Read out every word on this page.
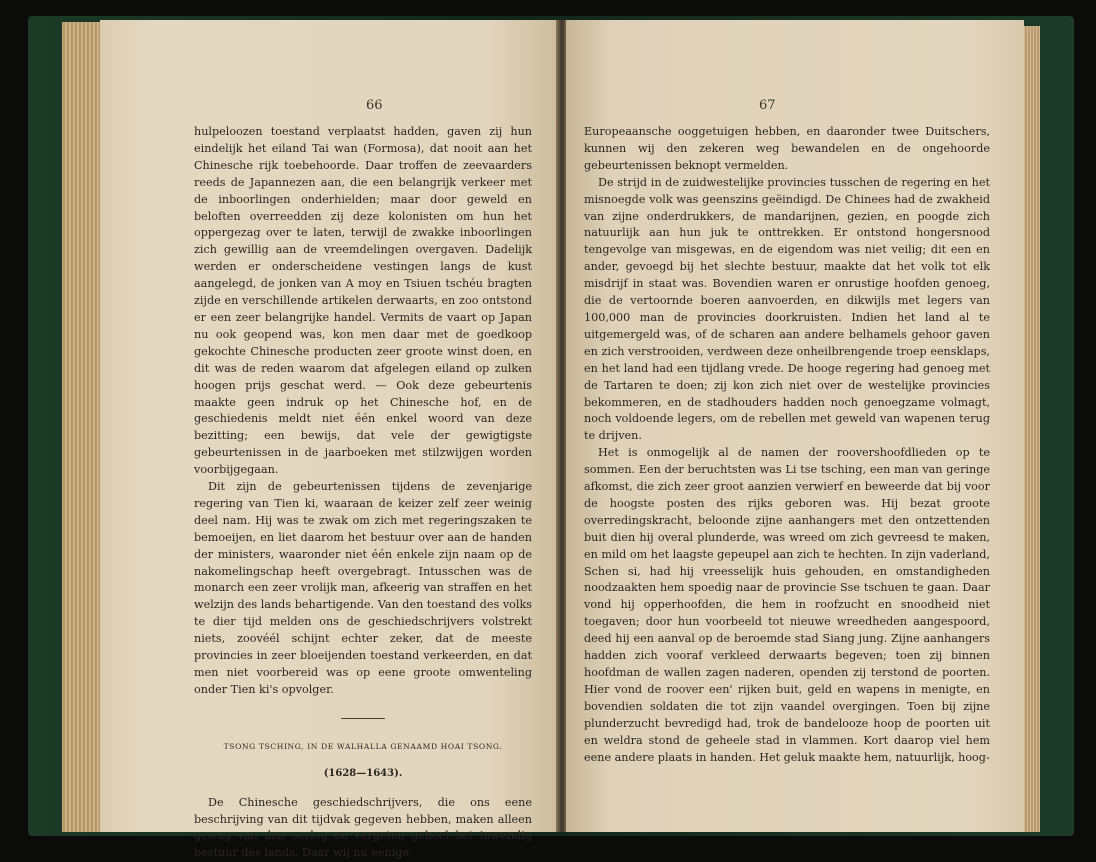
66

hulpeloozen toestand verplaatst hadden, gaven zij hun eindelijk het eiland Tai wan (Formosa), dat nooit aan het Chinesche rijk toebehoorde. Daar troffen de zeevaarders reeds de Japannezen aan, die een belangrijk verkeer met de inboorlingen onderhielden; maar door geweld en beloften overreedden zij deze kolonisten om hun het oppergezag over te laten, terwijl de zwakke inboorlingen zich gewillig aan de vreemdelingen overgaven. Dadelijk werden er onderscheidene vestingen langs de kust aangelegd, de jonken van A moy en Tsiuen tschéu bragten zijde en verschillende artikelen derwaarts, en zoo ontstond er een zeer belangrijke handel. Vermits de vaart op Japan nu ook geopend was, kon men daar met de goedkoop gekochte Chinesche producten zeer groote winst doen, en dit was de reden waarom dat afgelegen eiland op zulken hoogen prijs geschat werd. — Ook deze gebeurtenis maakte geen indruk op het Chinesche hof, en de geschiedenis meldt niet één enkel woord van deze bezitting; een bewijs, dat vele der gewigtigste gebeurtenissen in de jaarboeken met stilzwijgen worden voorbijgegaan.

Dit zijn de gebeurtenissen tijdens de zevenjarige regering van Tien ki, waaraan de keizer zelf zeer weinig deel nam. Hij was te zwak om zich met regeringszaken te bemoeijen, en liet daarom het bestuur over aan de handen der ministers, waaronder niet één enkele zijn naam op de nakomelingschap heeft overgebragt. Intusschen was de monarch een zeer vrolijk man, afkeerig van straffen en het welzijn des lands behartigende. Van den toestand des volks te dier tijd melden ons de geschiedschrijvers volstrekt niets, zoovéél schijnt echter zeker, dat de meeste provincies in zeer bloeijenden toestand verkeerden, en dat men niet voorbereid was op eene groote omwenteling onder Tien ki's opvolger.

TSONG TSCHING, IN DE WALHALLA GENAAMD HOAI TSONG.
(1628—1643).

De Chinesche geschiedschrijvers, die ons eene beschrijving van dit tijdvak gegeven hebben, maken alleen gewag van den oorlog en vergeten geheel het inwendig bestuur des lands. Daar wij nu eenige

67

Europeaansche ooggetuigen hebben, en daaronder twee Duitschers, kunnen wij den zekeren weg bewandelen en de ongehoorde gebeurtenissen beknopt vermelden.

De strijd in de zuidwestelijke provincies tusschen de regering en het misnoegde volk was geenszins geëindigd. De Chinees had de zwakheid van zijne onderdrukkers, de mandarijnen, gezien, en poogde zich natuurlijk aan hun juk te onttrekken. Er ontstond hongersnood tengevolge van misgewas, en de eigendom was niet veilig; dit een en ander, gevoegd bij het slechte bestuur, maakte dat het volk tot elk misdrijf in staat was. Bovendien waren er onrustige hoofden genoeg, die de vertoornde boeren aanvoerden, en dikwijls met legers van 100,000 man de provincies doorkruisten. Indien het land al te uitgemergeld was, of de scharen aan andere belhamels gehoor gaven en zich verstrooiden, verdween deze onheilbrengende troep eensklaps, en het land had een tijdlang vrede. De hooge regering had genoeg met de Tartaren te doen; zij kon zich niet over de westelijke provincies bekommeren, en de stadhouders hadden noch genoegzame volmagt, noch voldoende legers, om de rebellen met geweld van wapenen terug te drijven.

Het is onmogelijk al de namen der roovershoofdlieden op te sommen. Een der beruchtsten was Li tse tsching, een man van geringe afkomst, die zich zeer groot aanzien verwierf en beweerde dat bij voor de hoogste posten des rijks geboren was. Hij bezat groote overredingskracht, beloonde zijne aanhangers met den ontzettenden buit dien hij overal plunderde, was wreed om zich gevreesd te maken, en mild om het laagste gepeupel aan zich te hechten. In zijn vaderland, Schen si, had hij vreesselijk huis gehouden, en omstandigheden noodzaakten hem spoedig naar de provincie Sse tschuen te gaan. Daar vond hij opperhoofden, die hem in roofzucht en snoodheid niet toegaven; door hun voorbeeld tot nieuwe wreedheden aangespoord, deed hij een aanval op de beroemde stad Siang jung. Zijne aanhangers hadden zich vooraf verkleed derwaarts begeven; toen zij binnen hoofdman de wallen zagen naderen, openden zij terstond de poorten. Hier vond de roover een' rijken buit, geld en wapens in menigte, en bovendien soldaten die tot zijn vaandel overgingen. Toen bij zijne plunderzucht bevredigd had, trok de bandelooze hoop de poorten uit en weldra stond de geheele stad in vlammen. Kort daarop viel hem eene andere plaats in handen. Het geluk maakte hem, natuurlijk, hoog-
